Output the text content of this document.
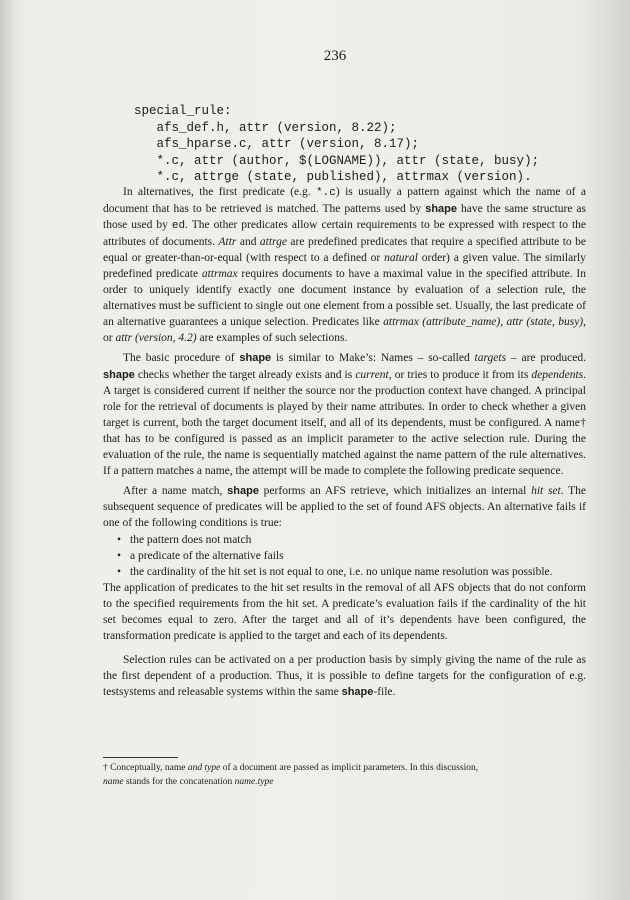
236
special_rule:
afs_def.h, attr (version, 8.22);
afs_hparse.c, attr (version, 8.17);
*.c, attr (author, $(LOGNAME)), attr (state, busy);
*.c, attrge (state, published), attrmax (version).

In alternatives, the first predicate (e.g. *.c) is usually a pattern against which the name of a document that has to be retrieved is matched. The patterns used by shape have the same structure as those used by ed. The other predicates allow certain requirements to be expressed with respect to the attributes of documents. Attr and attrge are predefined predicates that require a specified attribute to be equal or greater-than-or-equal (with respect to a defined or natural order) a given value. The similarly predefined predicate attrmax requires documents to have a maximal value in the specified attribute. In order to uniquely identify exactly one document instance by evaluation of a selection rule, the alternatives must be sufficient to single out one element from a possible set. Usually, the last predicate of an alternative guarantees a unique selection. Predicates like attrmax (attribute_name), attr (state, busy), or attr (version, 4.2) are examples of such selections.

The basic procedure of shape is similar to Make’s: Names – so-called targets – are produced. shape checks whether the target already exists and is current, or tries to produce it from its dependents. A target is considered current if neither the source nor the production context have changed. A principal role for the retrieval of documents is played by their name attributes. In order to check whether a given target is current, both the target document itself, and all of its dependents, must be configured. A name† that has to be configured is passed as an implicit parameter to the active selection rule. During the evaluation of the rule, the name is sequentially matched against the name pattern of the rule alternatives. If a pattern matches a name, the attempt will be made to complete the following predicate sequence.

After a name match, shape performs an AFS retrieve, which initializes an internal hit set. The subsequent sequence of predicates will be applied to the set of found AFS objects. An alternative fails if one of the following conditions is true:

• the pattern does not match
• a predicate of the alternative fails
• the cardinality of the hit set is not equal to one, i.e. no unique name resolution was possible.

The application of predicates to the hit set results in the removal of all AFS objects that do not conform to the specified requirements from the hit set. A predicate’s evaluation fails if the cardinality of the hit set becomes equal to zero. After the target and all of it’s dependents have been configured, the transformation predicate is applied to the target and each of its dependents.

Selection rules can be activated on a per production basis by simply giving the name of the rule as the first dependent of a production. Thus, it is possible to define targets for the configuration of e.g. testsystems and releasable systems within the same shape-file.

† Conceptually, name and type of a document are passed as implicit parameters. In this discussion,
name stands for the concatenation name.type
